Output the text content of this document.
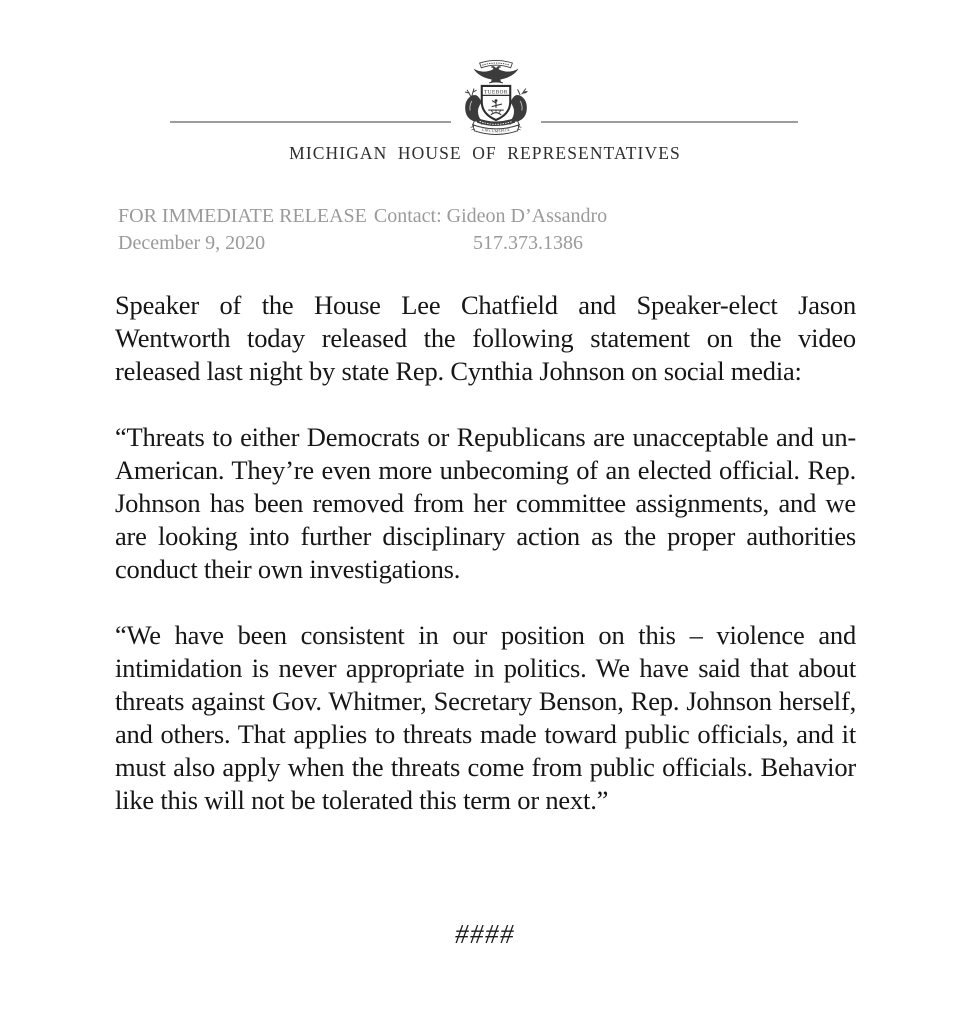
TUEBOR
CIRCUMSPICE
MICHIGAN HOUSE OF REPRESENTATIVES
FOR IMMEDIATE RELEASE Contact: Gideon D’Assandro
December 9, 2020	517.373.1386

Speaker of the House Lee Chatfield and Speaker-elect Jason Wentworth today released the following statement on the video released last night by state Rep. Cynthia Johnson on social media:

“Threats to either Democrats or Republicans are unacceptable and un-American. They’re even more unbecoming of an elected official. Rep. Johnson has been removed from her committee assignments, and we are looking into further disciplinary action as the proper authorities conduct their own investigations.

“We have been consistent in our position on this – violence and intimidation is never appropriate in politics. We have said that about threats against Gov. Whitmer, Secretary Benson, Rep. Johnson herself, and others. That applies to threats made toward public officials, and it must also apply when the threats come from public officials. Behavior like this will not be tolerated this term or next.”

####
